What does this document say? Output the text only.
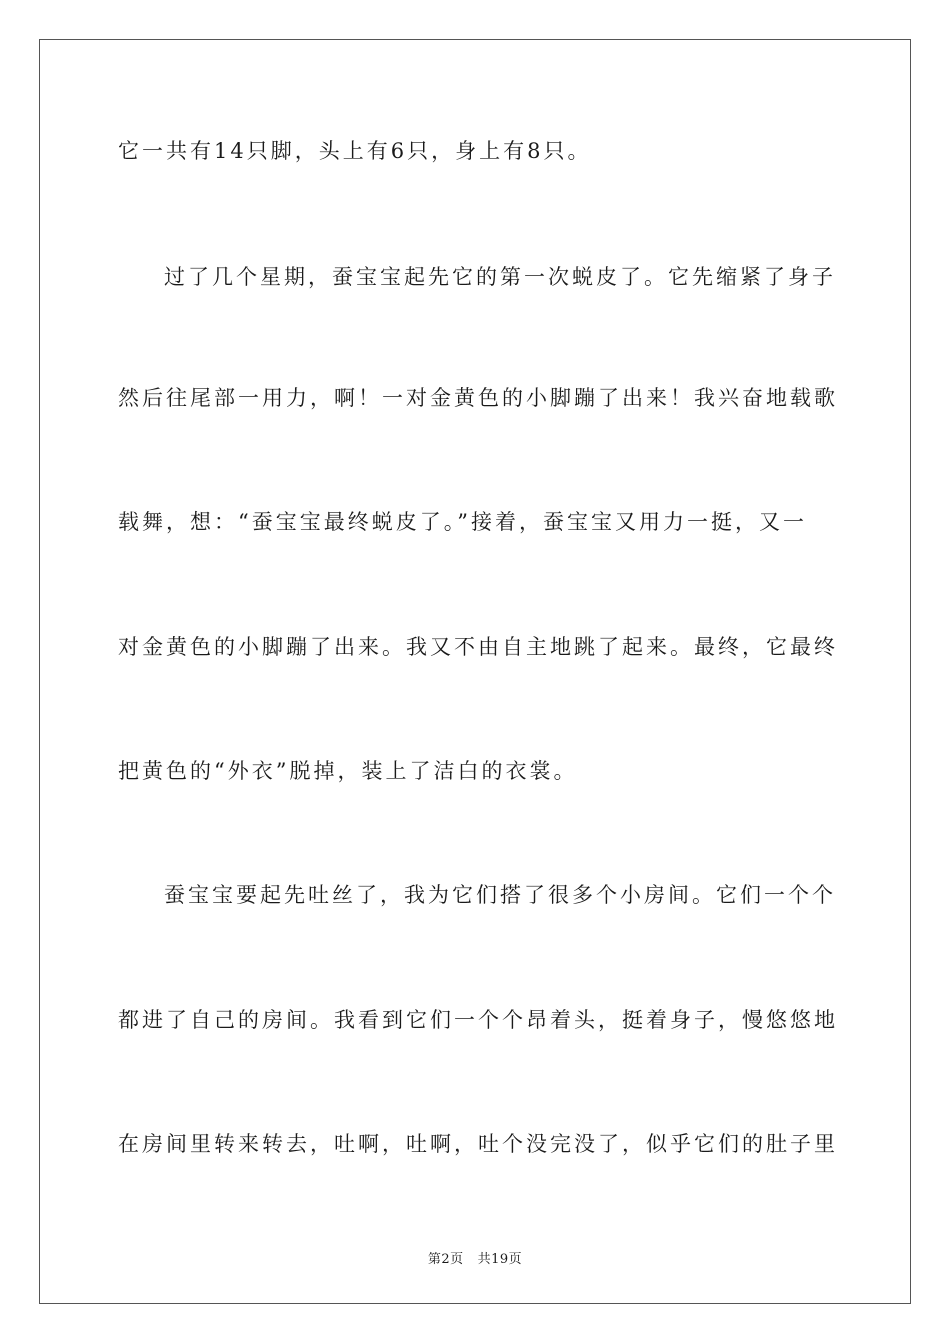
它一共有14只脚，头上有6只，身上有8只。
过了几个星期，蚕宝宝起先它的第一次蜕皮了。它先缩紧了身子
然后往尾部一用力，啊！一对金黄色的小脚蹦了出来！我兴奋地载歌
载舞，想：“蚕宝宝最终蜕皮了。”接着，蚕宝宝又用力一挺，又一
对金黄色的小脚蹦了出来。我又不由自主地跳了起来。最终，它最终
把黄色的“外衣”脱掉，装上了洁白的衣裳。
蚕宝宝要起先吐丝了，我为它们搭了很多个小房间。它们一个个
都进了自己的房间。我看到它们一个个昂着头，挺着身子，慢悠悠地
在房间里转来转去，吐啊，吐啊，吐个没完没了，似乎它们的肚子里
第2页 共19页
